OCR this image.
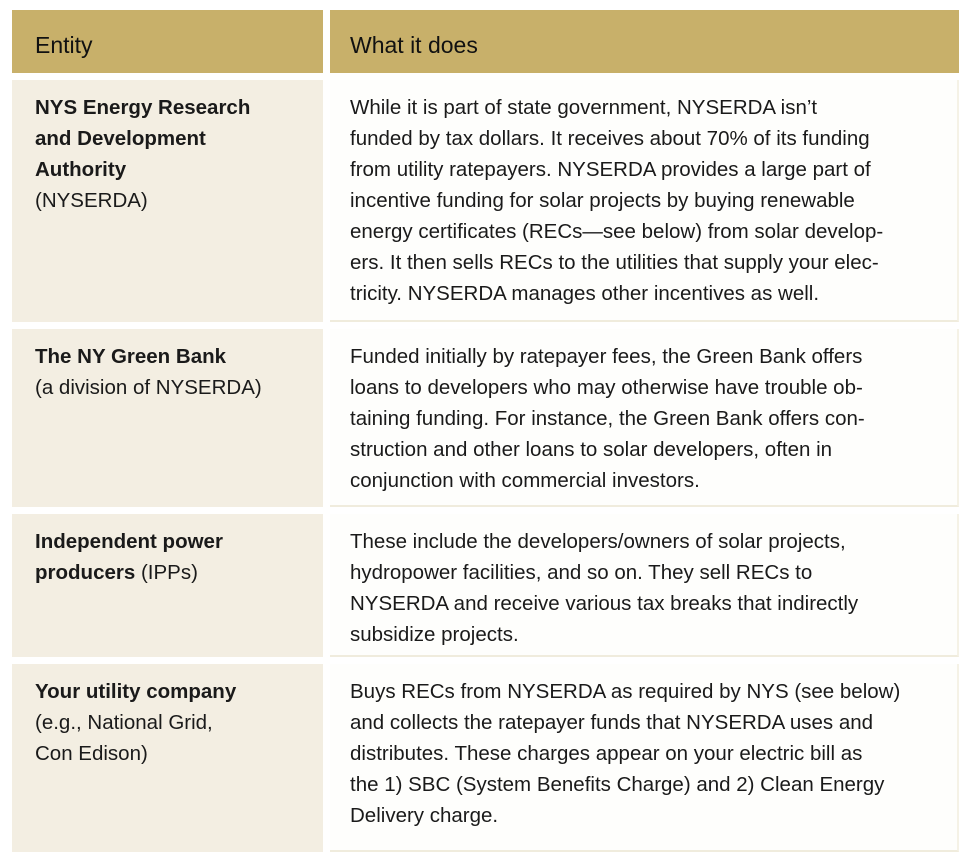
Entity	What it does
NYS Energy Research
and Development
Authority
(NYSERDA)
While it is part of state government, NYSERDA isn’t
funded by tax dollars. It receives about 70% of its funding
from utility ratepayers. NYSERDA provides a large part of
incentive funding for solar projects by buying renewable
energy certificates (RECs—see below) from solar develop-
ers. It then sells RECs to the utilities that supply your elec-
tricity. NYSERDA manages other incentives as well.
The NY Green Bank
(a division of NYSERDA)
Funded initially by ratepayer fees, the Green Bank offers
loans to developers who may otherwise have trouble ob-
taining funding. For instance, the Green Bank offers con-
struction and other loans to solar developers, often in
conjunction with commercial investors.
Independent power
producers (IPPs)
These include the developers/owners of solar projects,
hydropower facilities, and so on. They sell RECs to
NYSERDA and receive various tax breaks that indirectly
subsidize projects.
Your utility company
(e.g., National Grid,
Con Edison)
Buys RECs from NYSERDA as required by NYS (see below)
and collects the ratepayer funds that NYSERDA uses and
distributes. These charges appear on your electric bill as
the 1) SBC (System Benefits Charge) and 2) Clean Energy
Delivery charge.
